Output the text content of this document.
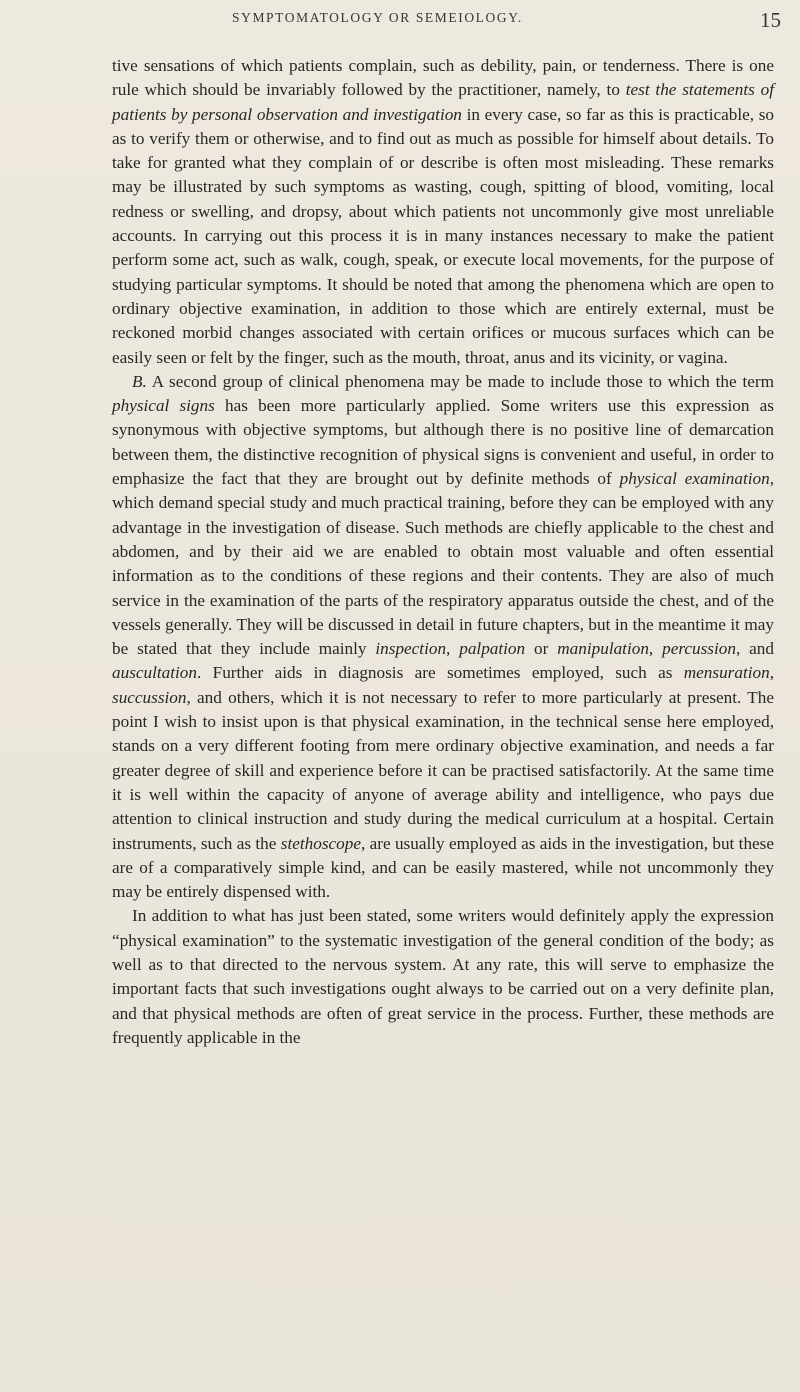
SYMPTOMATOLOGY OR SEMEIOLOGY.	15

tive sensations of which patients complain, such as debility, pain, or tenderness. There is one rule which should be invariably followed by the practitioner, namely, to test the statements of patients by personal observation and investigation in every case, so far as this is practicable, so as to verify them or otherwise, and to find out as much as possible for himself about details. To take for granted what they complain of or describe is often most misleading. These remarks may be illustrated by such symptoms as wasting, cough, spitting of blood, vomiting, local redness or swelling, and dropsy, about which patients not uncommonly give most unreliable accounts. In carrying out this process it is in many instances necessary to make the patient perform some act, such as walk, cough, speak, or execute local movements, for the purpose of studying particular symptoms. It should be noted that among the phenomena which are open to ordinary objective examination, in addition to those which are entirely external, must be reckoned morbid changes associated with certain orifices or mucous surfaces which can be easily seen or felt by the finger, such as the mouth, throat, anus and its vicinity, or vagina.

B. A second group of clinical phenomena may be made to include those to which the term physical signs has been more particularly applied. Some writers use this expression as synonymous with objective symptoms, but although there is no positive line of demarcation between them, the distinctive recognition of physical signs is convenient and useful, in order to emphasize the fact that they are brought out by definite methods of physical examination, which demand special study and much practical training, before they can be employed with any advantage in the investigation of disease. Such methods are chiefly applicable to the chest and abdomen, and by their aid we are enabled to obtain most valuable and often essential information as to the conditions of these regions and their contents. They are also of much service in the examination of the parts of the respiratory apparatus outside the chest, and of the vessels generally. They will be discussed in detail in future chapters, but in the meantime it may be stated that they include mainly inspection, palpation or manipulation, percussion, and auscultation. Further aids in diagnosis are sometimes employed, such as mensuration, succussion, and others, which it is not necessary to refer to more particularly at present. The point I wish to insist upon is that physical examination, in the technical sense here employed, stands on a very different footing from mere ordinary objective examination, and needs a far greater degree of skill and experience before it can be practised satisfactorily. At the same time it is well within the capacity of anyone of average ability and intelligence, who pays due attention to clinical instruction and study during the medical curriculum at a hospital. Certain instruments, such as the stethoscope, are usually employed as aids in the investigation, but these are of a comparatively simple kind, and can be easily mastered, while not uncommonly they may be entirely dispensed with.

In addition to what has just been stated, some writers would definitely apply the expression “physical examination” to the systematic investigation of the general condition of the body; as well as to that directed to the nervous system. At any rate, this will serve to emphasize the important facts that such investigations ought always to be carried out on a very definite plan, and that physical methods are often of great service in the process. Further, these methods are frequently applicable in the
